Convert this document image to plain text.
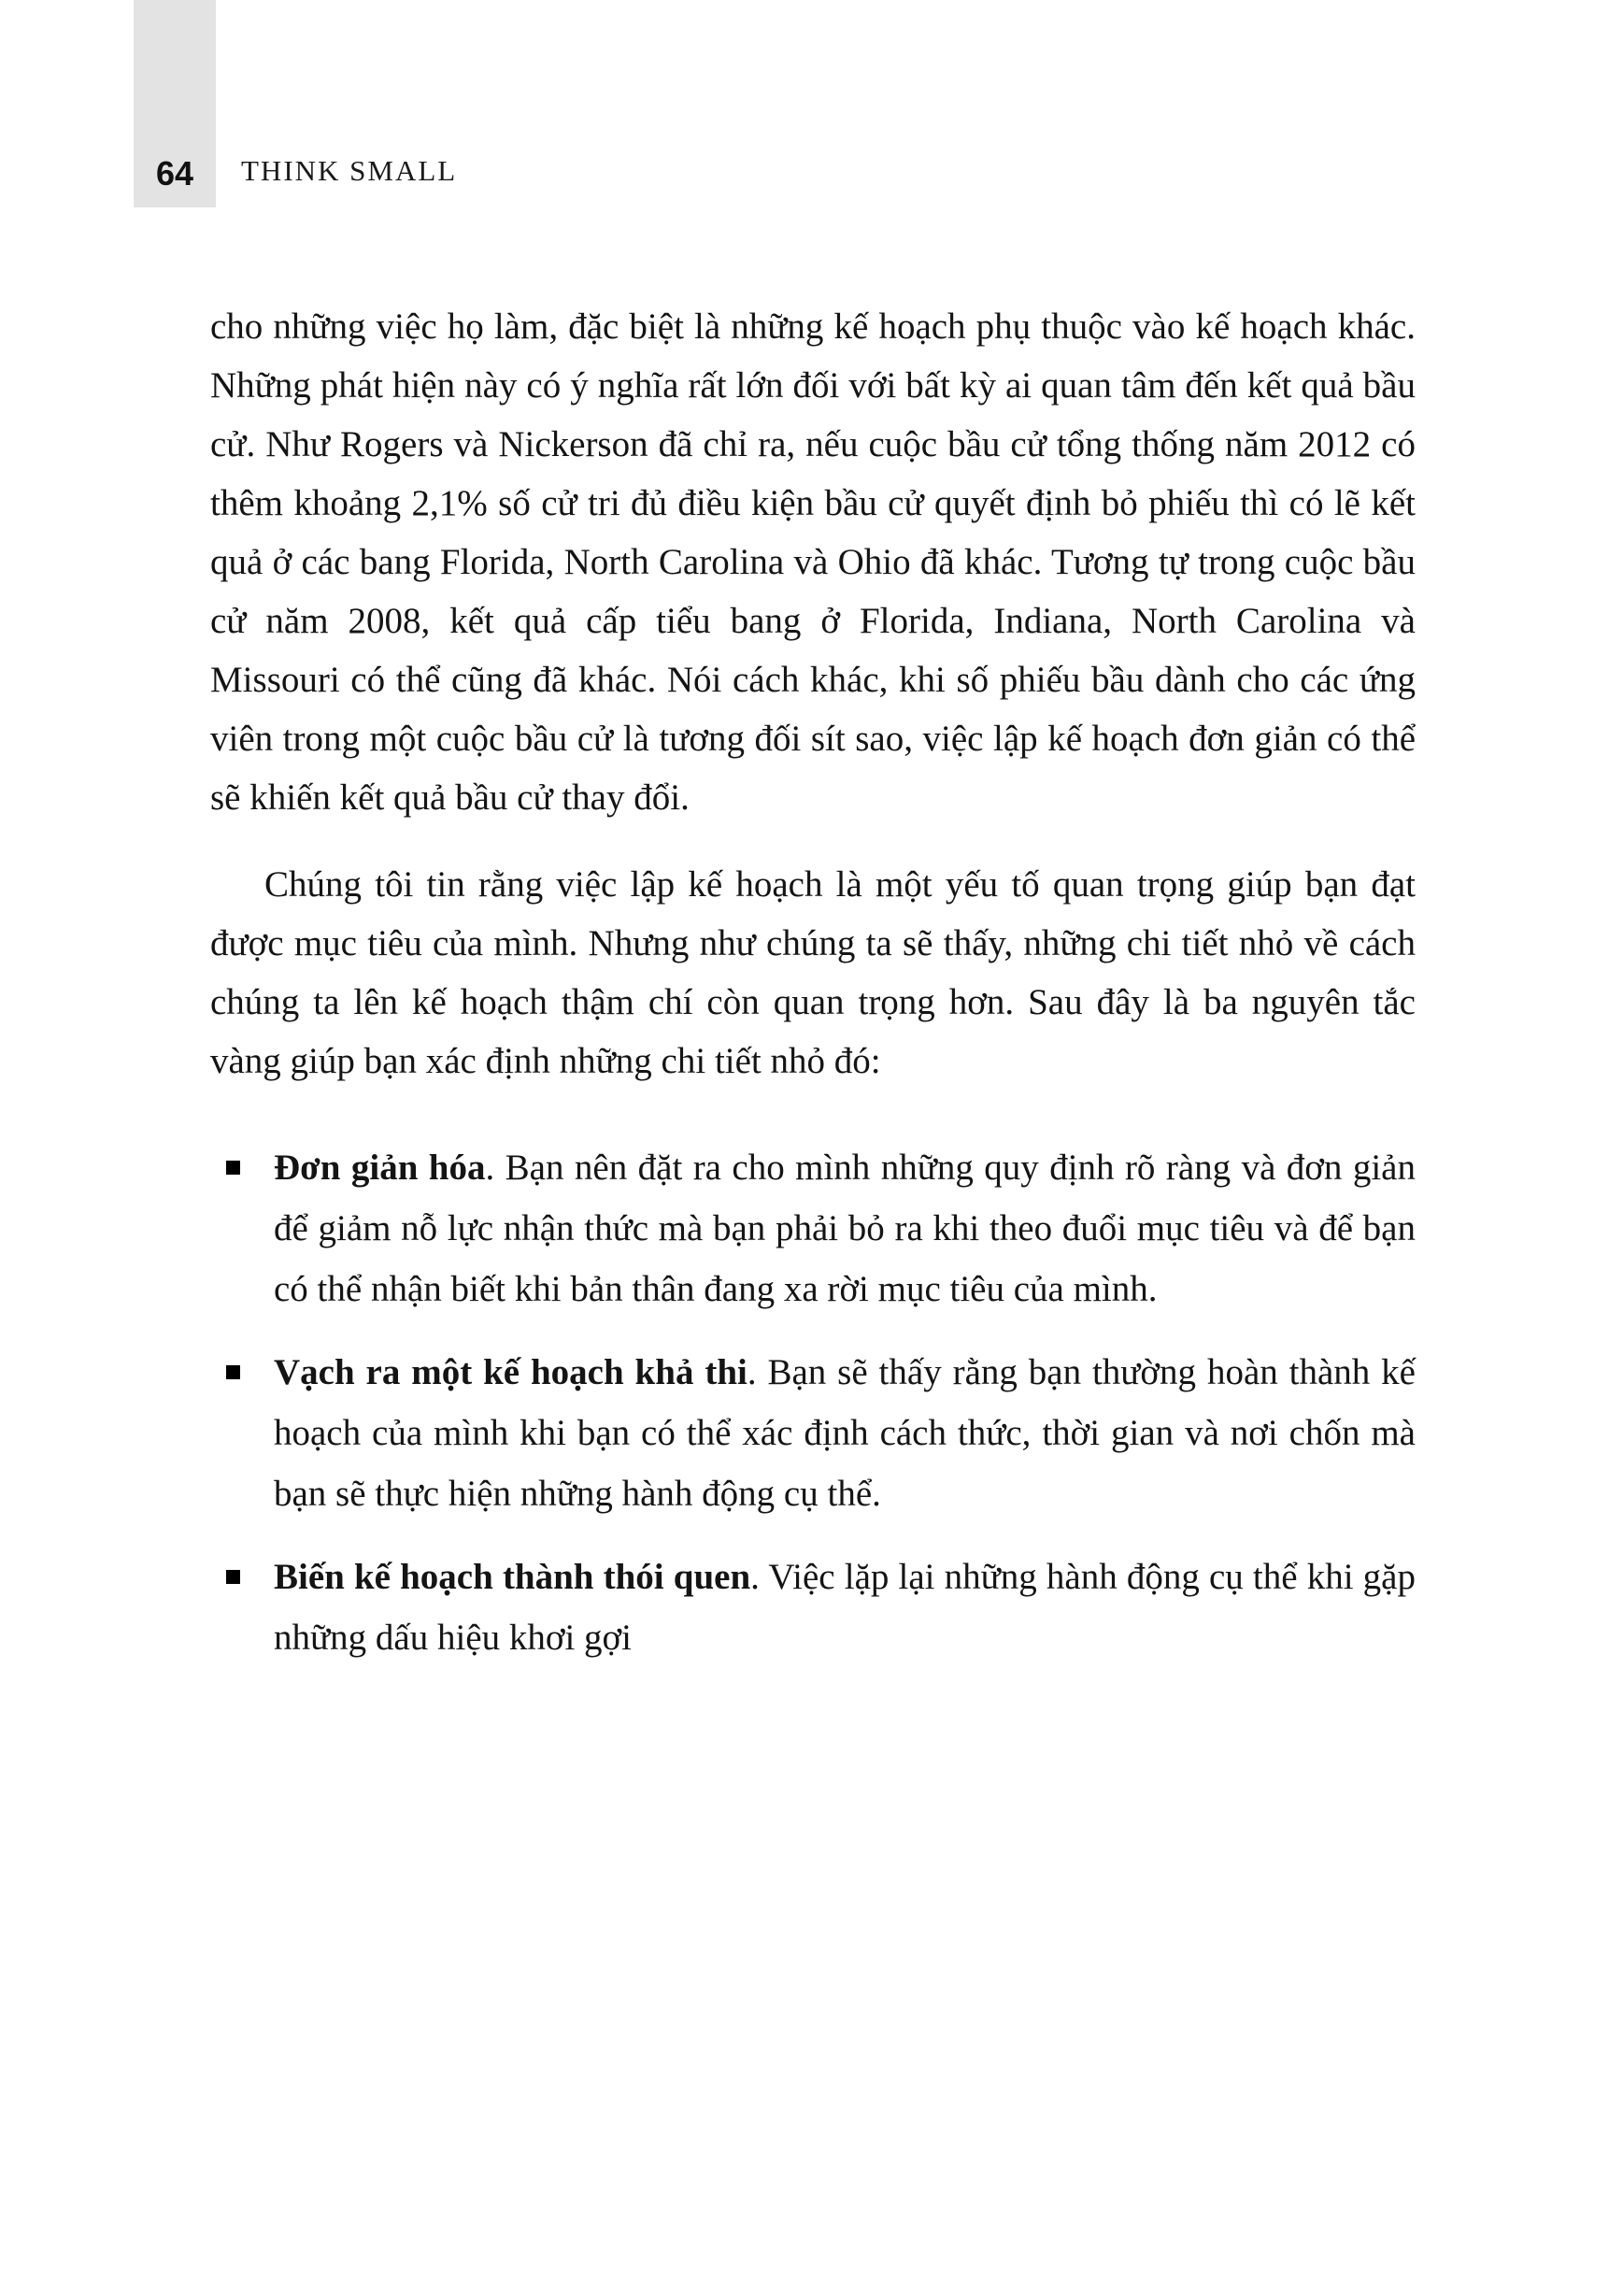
64 THINK SMALL

cho những việc họ làm, đặc biệt là những kế hoạch phụ thuộc vào kế hoạch khác. Những phát hiện này có ý nghĩa rất lớn đối với bất kỳ ai quan tâm đến kết quả bầu cử. Như Rogers và Nickerson đã chỉ ra, nếu cuộc bầu cử tổng thống năm 2012 có thêm khoảng 2,1% số cử tri đủ điều kiện bầu cử quyết định bỏ phiếu thì có lẽ kết quả ở các bang Florida, North Carolina và Ohio đã khác. Tương tự trong cuộc bầu cử năm 2008, kết quả cấp tiểu bang ở Florida, Indiana, North Carolina và Missouri có thể cũng đã khác. Nói cách khác, khi số phiếu bầu dành cho các ứng viên trong một cuộc bầu cử là tương đối sít sao, việc lập kế hoạch đơn giản có thể sẽ khiến kết quả bầu cử thay đổi.

Chúng tôi tin rằng việc lập kế hoạch là một yếu tố quan trọng giúp bạn đạt được mục tiêu của mình. Nhưng như chúng ta sẽ thấy, những chi tiết nhỏ về cách chúng ta lên kế hoạch thậm chí còn quan trọng hơn. Sau đây là ba nguyên tắc vàng giúp bạn xác định những chi tiết nhỏ đó:

Đơn giản hóa. Bạn nên đặt ra cho mình những quy định rõ ràng và đơn giản để giảm nỗ lực nhận thức mà bạn phải bỏ ra khi theo đuổi mục tiêu và để bạn có thể nhận biết khi bản thân đang xa rời mục tiêu của mình.
Vạch ra một kế hoạch khả thi. Bạn sẽ thấy rằng bạn thường hoàn thành kế hoạch của mình khi bạn có thể xác định cách thức, thời gian và nơi chốn mà bạn sẽ thực hiện những hành động cụ thể.
Biến kế hoạch thành thói quen. Việc lặp lại những hành động cụ thể khi gặp những dấu hiệu khơi gợi
